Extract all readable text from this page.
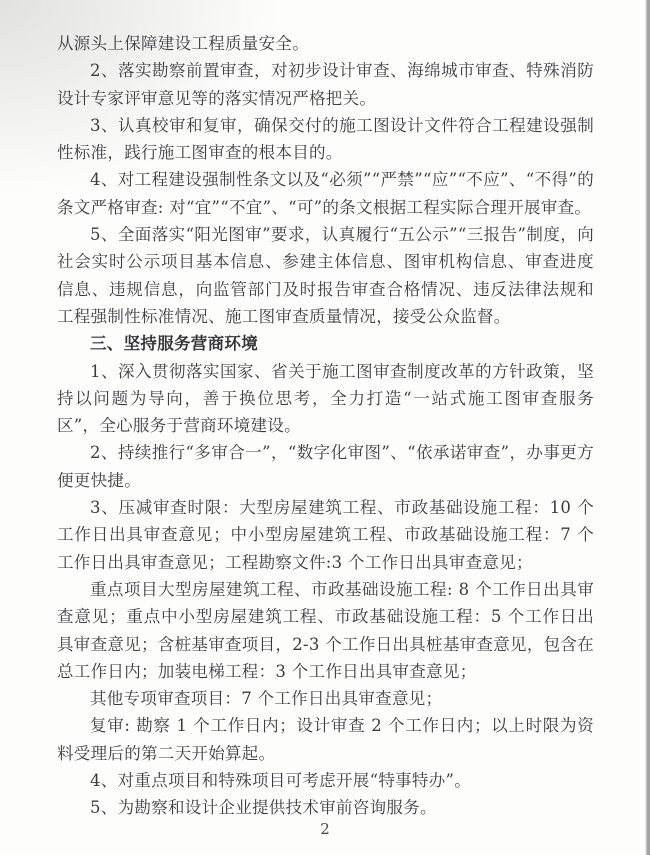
从源头上保障建设工程质量安全。

2、落实勘察前置审查，对初步设计审查、海绵城市审查、特殊消防设计专家评审意见等的落实情况严格把关。

3、认真校审和复审，确保交付的施工图设计文件符合工程建设强制性标准，践行施工图审查的根本目的。

4、对工程建设强制性条文以及“必须”“严禁”“应”“不应”、“不得”的条文严格审查: 对“宜”“不宜”、“可”的条文根据工程实际合理开展审查。

5、全面落实“阳光图审”要求，认真履行“五公示”“三报告”制度，向社会实时公示项目基本信息、参建主体信息、图审机构信息、审查进度信息、违规信息，向监管部门及时报告审查合格情况、违反法律法规和工程强制性标准情况、施工图审查质量情况，接受公众监督。

三、坚持服务营商环境

1、深入贯彻落实国家、省关于施工图审查制度改革的方针政策，坚持以问题为导向，善于换位思考，全力打造“一站式施工图审查服务区”，全心服务于营商环境建设。

2、持续推行“多审合一”，“数字化审图”、“依承诺审查”，办事更方便更快捷。

3、压减审查时限：大型房屋建筑工程、市政基础设施工程：10 个工作日出具审查意见；中小型房屋建筑工程、市政基础设施工程：7 个工作日出具审查意见；工程勘察文件:3 个工作日出具审查意见；

重点项目大型房屋建筑工程、市政基础设施工程: 8 个工作日出具审查意见；重点中小型房屋建筑工程、市政基础设施工程：5 个工作日出具审查意见；含桩基审查项目，2-3 个工作日出具桩基审查意见，包含在总工作日内；加装电梯工程：3 个工作日出具审查意见；

其他专项审查项目：7 个工作日出具审查意见；

复审: 勘察 1 个工作日内；设计审查 2 个工作日内；以上时限为资料受理后的第二天开始算起。

4、对重点项目和特殊项目可考虑开展“特事特办”。

5、为勘察和设计企业提供技术审前咨询服务。

2
